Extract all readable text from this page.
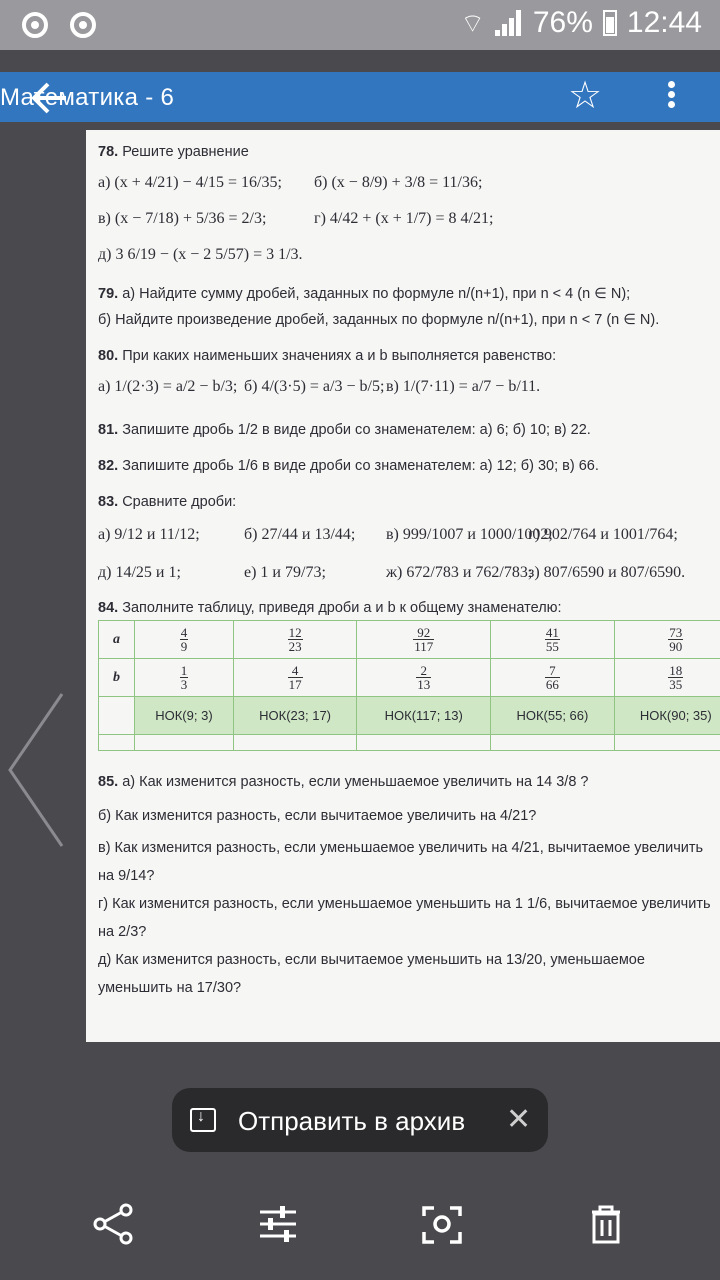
⌔ 76% 12:44
Математика - 6	☆
78. Решите уравнение
а) (x + 4/21) − 4/15 = 16/35; б) (x − 8/9) + 3/8 = 11/36;
в) (x − 7/18) + 5/36 = 2/3;	г) 4/42 + (x + 1/7) = 8 4/21;
д) 3 6/19 − (x − 2 5/57) = 3 1/3.
79. а) Найдите сумму дробей, заданных по формуле n/(n+1), при n < 4 (n ∈ N);
б) Найдите произведение дробей, заданных по формуле n/(n+1), при n < 7 (n ∈ N).
80. При каких наименьших значениях a и b выполняется равенство:
а) 1/(2·3) = a/2 − b/3; б) 4/(3·5) = a/3 − b/5; в) 1/(7·11) = a/7 − b/11.
81. Запишите дробь 1/2 в виде дроби со знаменателем: а) 6; б) 10; в) 22.
82. Запишите дробь 1/6 в виде дроби со знаменателем: а) 12; б) 30; в) 66.
83. Сравните дроби:
а) 9/12 и 11/12;	б) 27/44 и 13/44; в) 999/1007 и 1000/1002;
г) 902/764 и 1001/764;
д) 14/25 и 1;	е) 1 и 79/73;	ж) 672/783 и 762/783;
з) 807/6590 и 807/6590.
84. Заполните таблицу, приведя дроби a и b к общему знаменателю:
a	$\frac{4}{9}$	$\frac{12}{23}$	$\frac{92}{117}$	$\frac{41}{55}$	$\frac{73}{90}$

b	$\frac{1}{3}$	$\frac{4}{17}$	$\frac{2}{13}$	$\frac{7}{66}$	$\frac{18}{35}$

	НОК(9; 3)	НОК(23; 17)	НОК(117; 13)	НОК(55; 66)	НОК(90; 35)

85. а) Как изменится разность, если уменьшаемое увеличить на 14 3/8 ?
б) Как изменится разность, если вычитаемое увеличить на 4/21?
в) Как изменится разность, если уменьшаемое увеличить на 4/21, вычитаемое увеличить
на 9/14?
г) Как изменится разность, если уменьшаемое уменьшить на 1 1/6, вычитаемое увеличить
на 2/3?
д) Как изменится разность, если вычитаемое уменьшить на 13/20, уменьшаемое
уменьшить на 17/30?
↓
Отправить в архив ✕
